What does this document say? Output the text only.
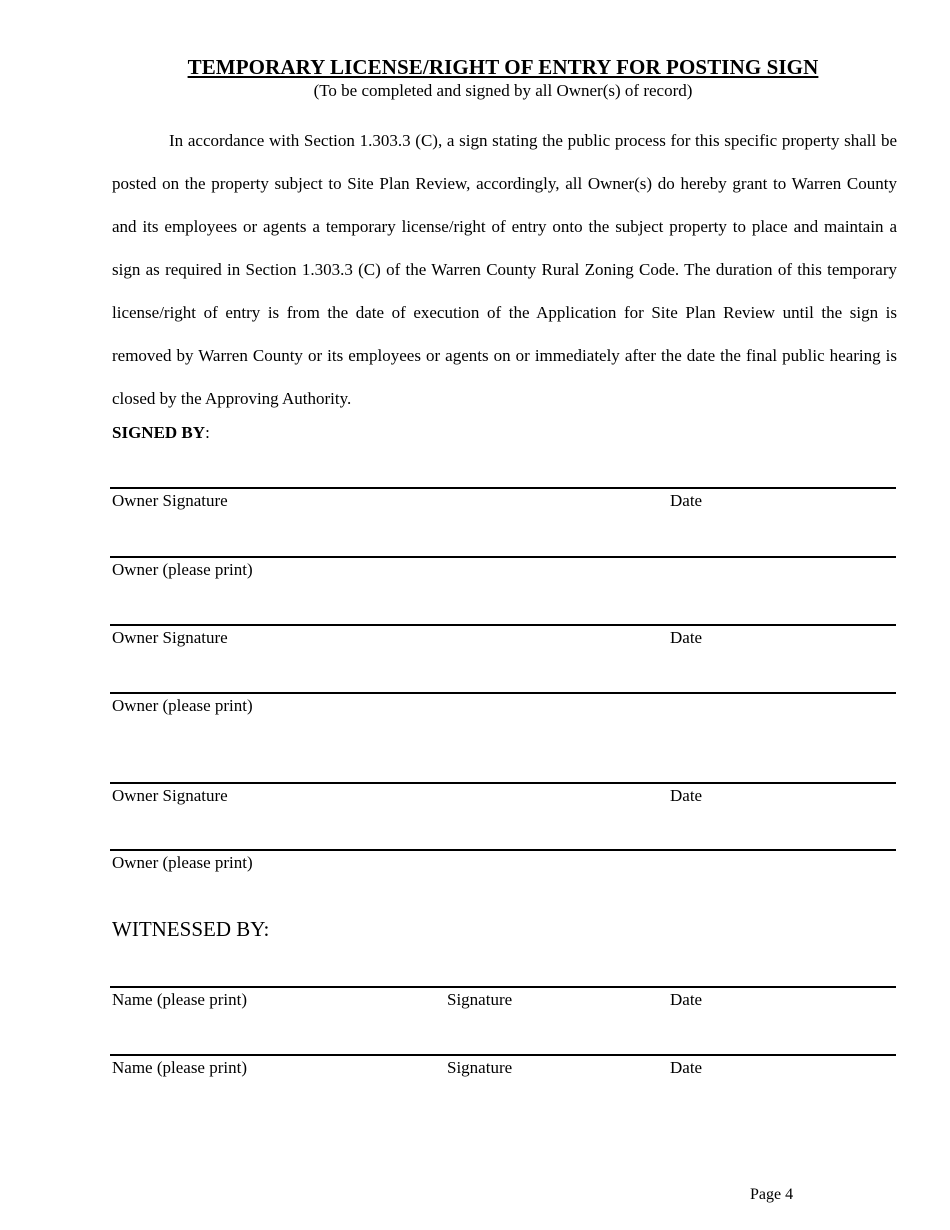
TEMPORARY LICENSE/RIGHT OF ENTRY FOR POSTING SIGN
(To be completed and signed by all Owner(s) of record)

In accordance with Section 1.303.3 (C), a sign stating the public process for this specific property shall be posted on the property subject to Site Plan Review, accordingly, all Owner(s) do hereby grant to Warren County and its employees or agents a temporary license/right of entry onto the subject property to place and maintain a sign as required in Section 1.303.3 (C) of the Warren County Rural Zoning Code. The duration of this temporary license/right of entry is from the date of execution of the Application for Site Plan Review until the sign is removed by Warren County or its employees or agents on or immediately after the date the final public hearing is closed by the Approving Authority.

SIGNED BY:
Owner Signature	Date
Owner (please print)
Owner Signature	Date
Owner (please print)
Owner Signature	Date
Owner (please print)
WITNESSED BY:
Name (please print)	Signature	Date
Name (please print)	Signature	Date
Page 4
